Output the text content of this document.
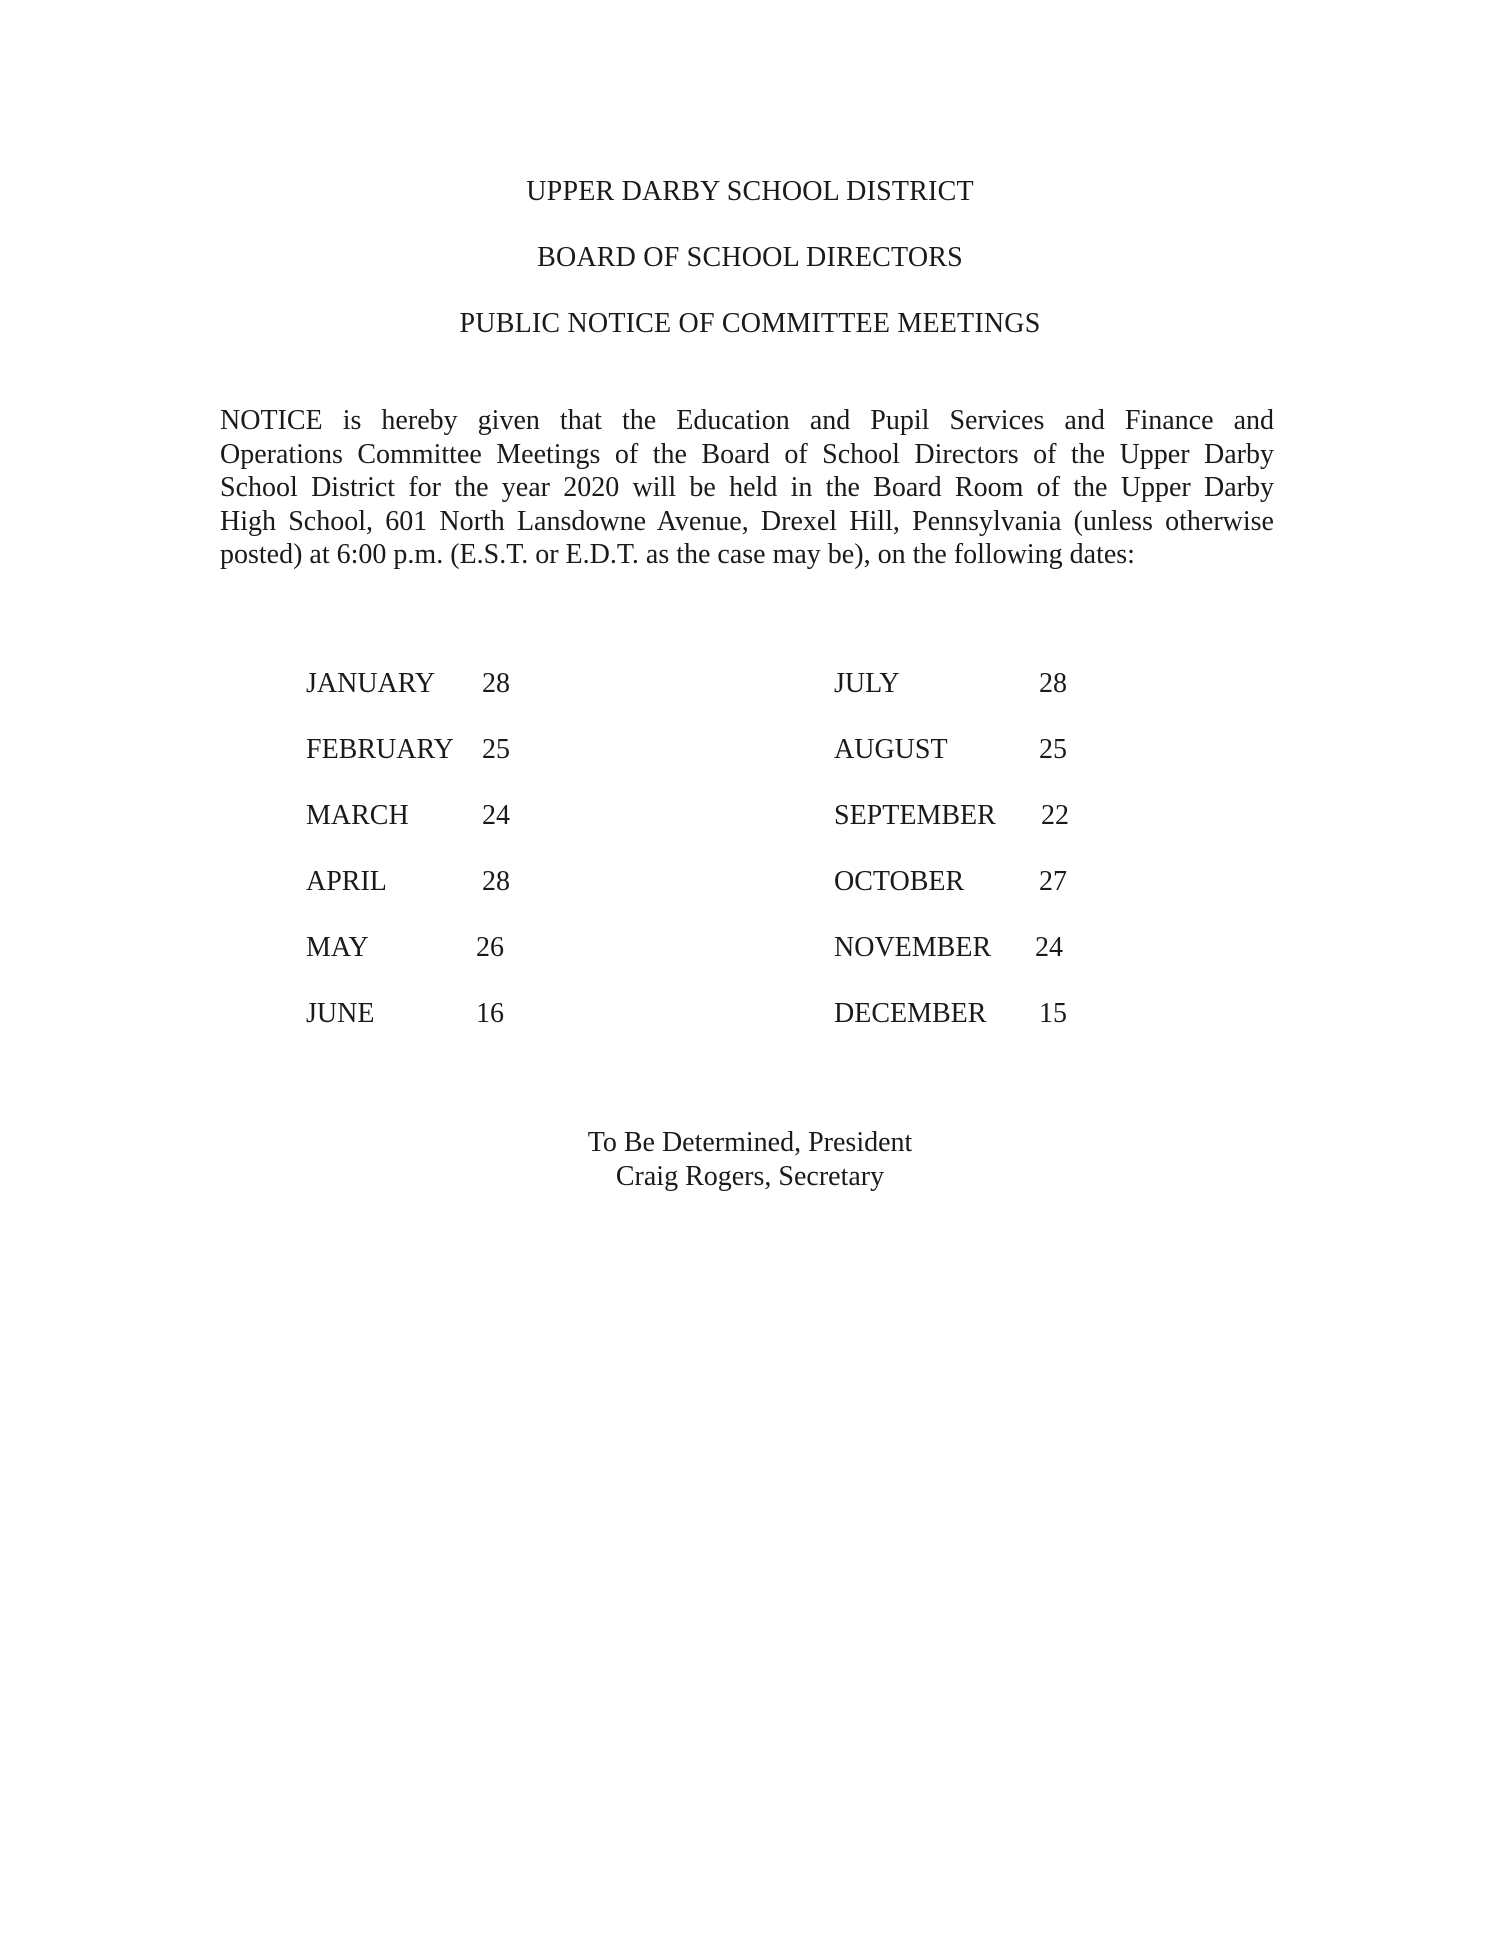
UPPER DARBY SCHOOL DISTRICT
BOARD OF SCHOOL DIRECTORS
PUBLIC NOTICE OF COMMITTEE MEETINGS
NOTICE is hereby given that the Education and Pupil Services and Finance and
Operations Committee Meetings of the Board of School Directors of the Upper Darby
School District for the year 2020 will be held in the Board Room of the Upper Darby
High School, 601 North Lansdowne Avenue, Drexel Hill, Pennsylvania (unless otherwise
posted) at 6:00 p.m. (E.S.T. or E.D.T. as the case may be), on the following dates:
JANUARY 28
FEBRUARY 25
MARCH	24
APRIL	28
MAY	26
JUNE	16
JULY	28
AUGUST	25
SEPTEMBER 22
OCTOBER	27
NOVEMBER 24
DECEMBER 15
To Be Determined, President
Craig Rogers, Secretary
